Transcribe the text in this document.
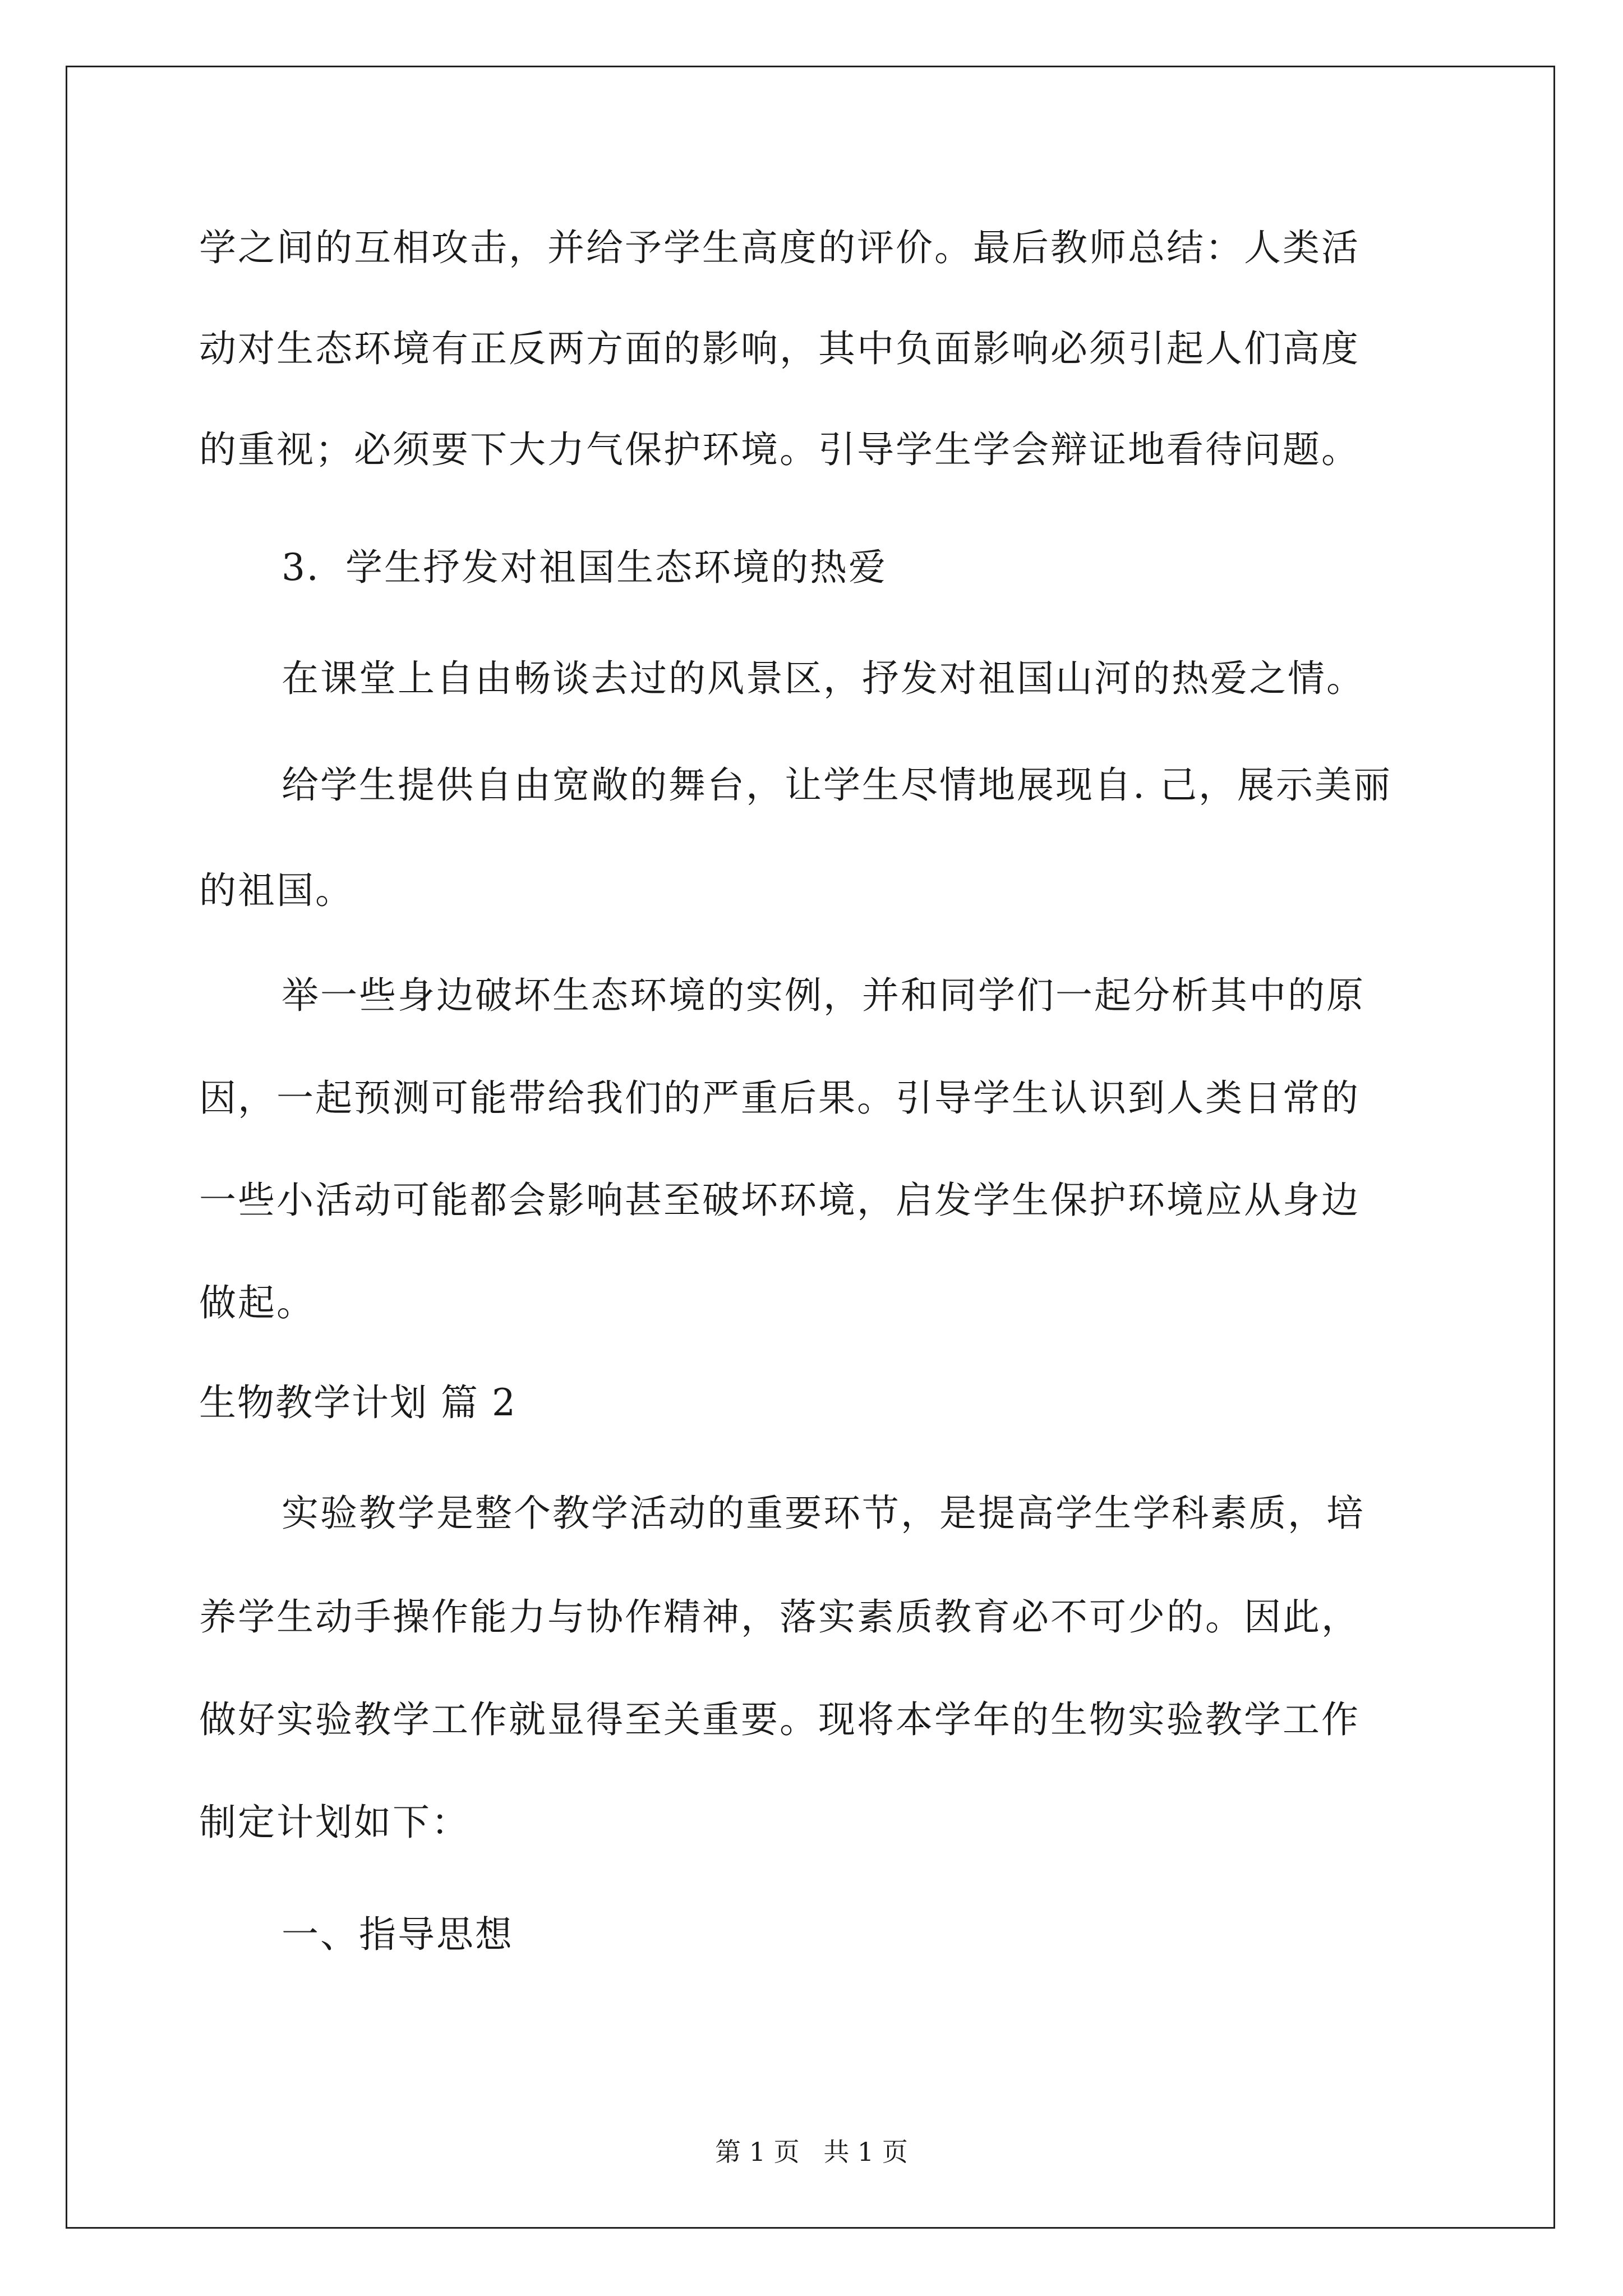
学之间的互相攻击，并给予学生高度的评价。最后教师总结：人类活
动对生态环境有正反两方面的影响，其中负面影响必须引起人们高度
的重视；必须要下大力气保护环境。引导学生学会辩证地看待问题。
3．学生抒发对祖国生态环境的热爱
在课堂上自由畅谈去过的风景区，抒发对祖国山河的热爱之情。
给学生提供自由宽敞的舞台，让学生尽情地展现自. 己，展示美丽
的祖国。
举一些身边破坏生态环境的实例，并和同学们一起分析其中的原
因，一起预测可能带给我们的严重后果。引导学生认识到人类日常的
一些小活动可能都会影响甚至破坏环境，启发学生保护环境应从身边
做起。
生物教学计划 篇 2
实验教学是整个教学活动的重要环节，是提高学生学科素质，培
养学生动手操作能力与协作精神，落实素质教育必不可少的。因此，
做好实验教学工作就显得至关重要。现将本学年的生物实验教学工作
制定计划如下：
一、指导思想
第 1 页 共 1 页
